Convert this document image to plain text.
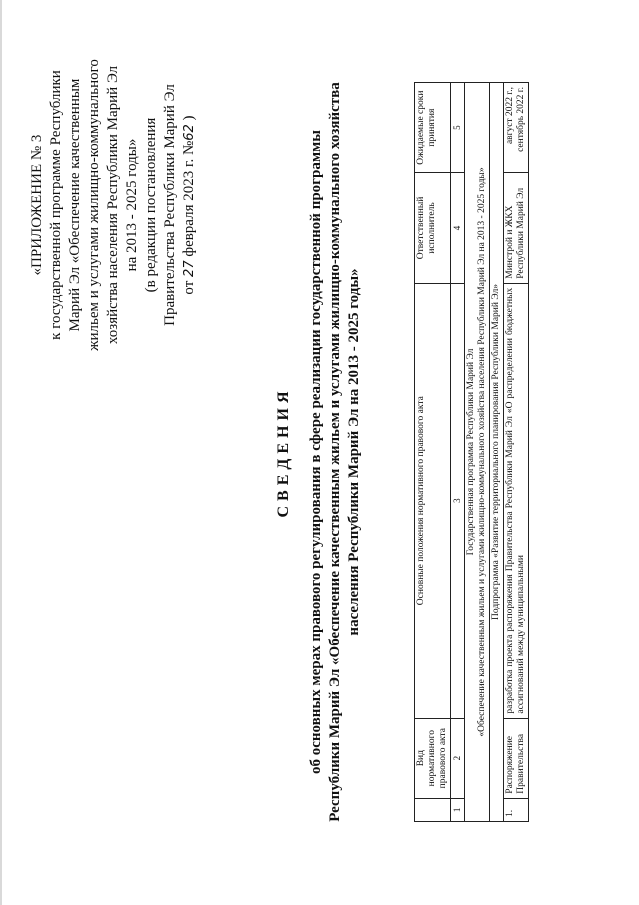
«ПРИЛОЖЕНИЕ № 3 к государственной программе Республики Марий Эл «Обеспечение качественным жильем и услугами жилищно-коммунального хозяйства населения Республики Марий Эл на 2013 - 2025 годы» (в редакции постановления Правительства Республики Марий Эл от 27 февраля 2023 г. №62 )
СВЕДЕНИЯ об основных мерах правового регулирования в сфере реализации государственной программы Республики Марий Эл «Обеспечение качественным жильем и услугами жилищно-коммунального хозяйства населения Республики Марий Эл на 2013 - 2025 годы»
	Вид нормативного правового акта	Основные положения нормативного правового акта	Ответственный исполнитель	Ожидаемые сроки принятия
1	2	3	4	5

Государственная программа Республики Марий Эл «Обеспечение качественным жильем и услугами жилищно-коммунального хозяйства населения Республики Марий Эл на 2013 - 2025 годы»				

Подпрограмма «Развитие территориального планирования Республики Марий Эл»				
1.	Распоряжение Правительства	разработка проекта распоряжения Правительства Республики Марий Эл «О распределении бюджетных ассигнований между муниципальными	Минстрой и ЖКХ Республики Марий Эл	август 2022 г., сентябрь 2022 г.
